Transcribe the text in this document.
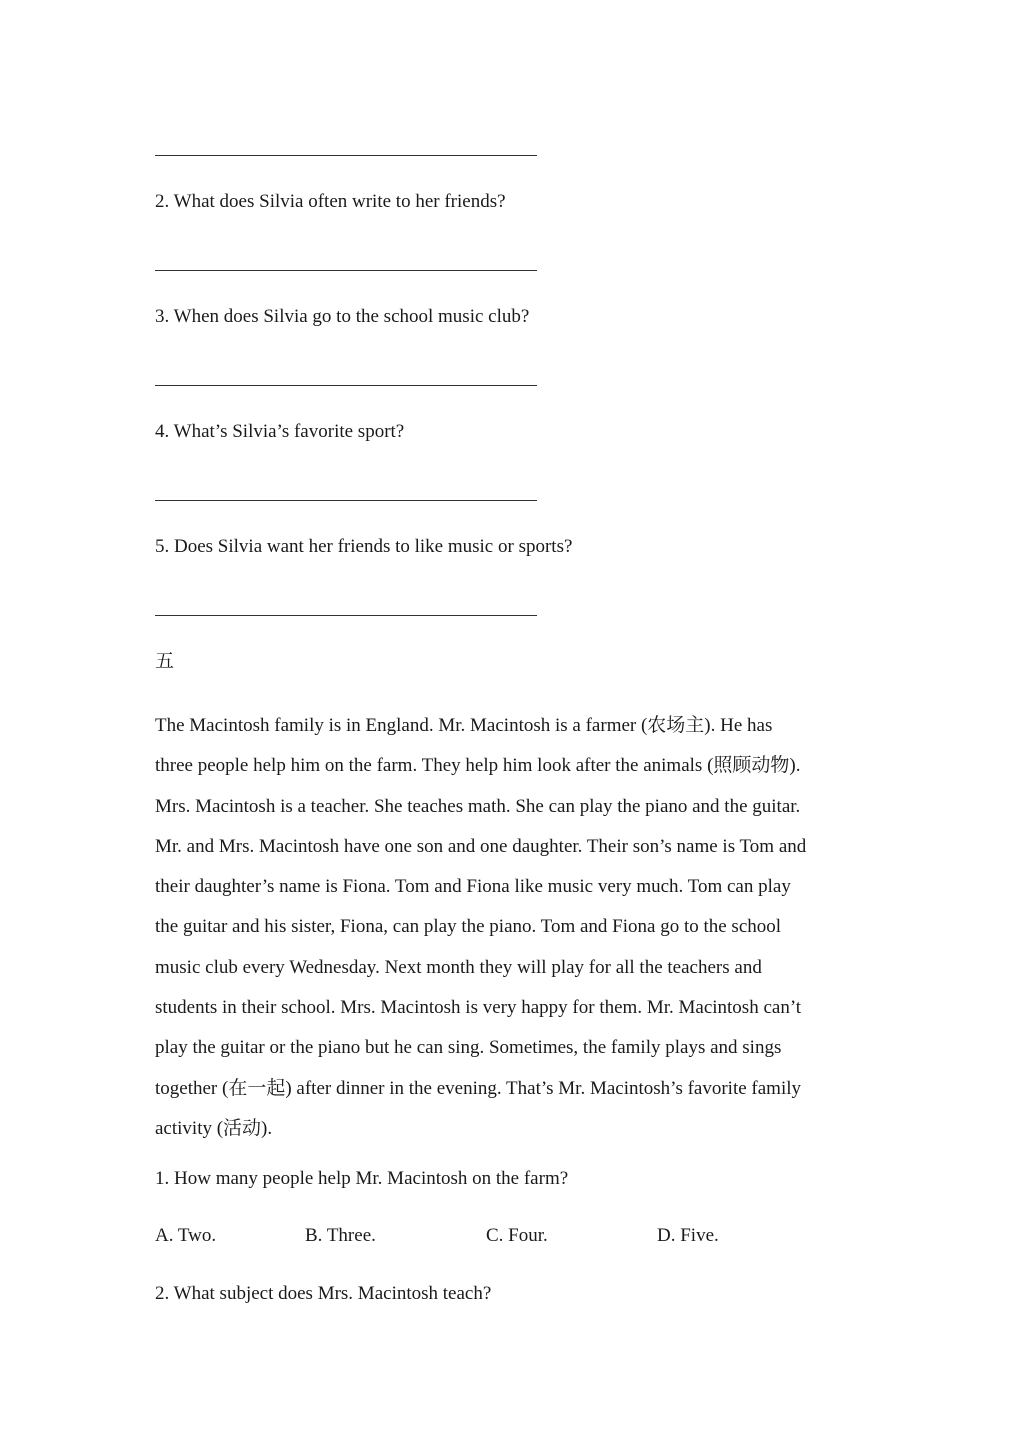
2. What does Silvia often write to her friends?
3. When does Silvia go to the school music club?
4. What’s Silvia’s favorite sport?
5. Does Silvia want her friends to like music or sports?
五
The Macintosh family is in England. Mr. Macintosh is a farmer (农场主). He has
three people help him on the farm. They help him look after the animals (照顾动物).
Mrs. Macintosh is a teacher. She teaches math. She can play the piano and the guitar.
Mr. and Mrs. Macintosh have one son and one daughter. Their son’s name is Tom and
their daughter’s name is Fiona. Tom and Fiona like music very much. Tom can play
the guitar and his sister, Fiona, can play the piano. Tom and Fiona go to the school
music club every Wednesday. Next month they will play for all the teachers and
students in their school. Mrs. Macintosh is very happy for them. Mr. Macintosh can’t
play the guitar or the piano but he can sing. Sometimes, the family plays and sings
together (在一起) after dinner in the evening. That’s Mr. Macintosh’s favorite family
activity (活动).
1. How many people help Mr. Macintosh on the farm?
A. Two.	B. Three.	C. Four.	D. Five.
2. What subject does Mrs. Macintosh teach?
